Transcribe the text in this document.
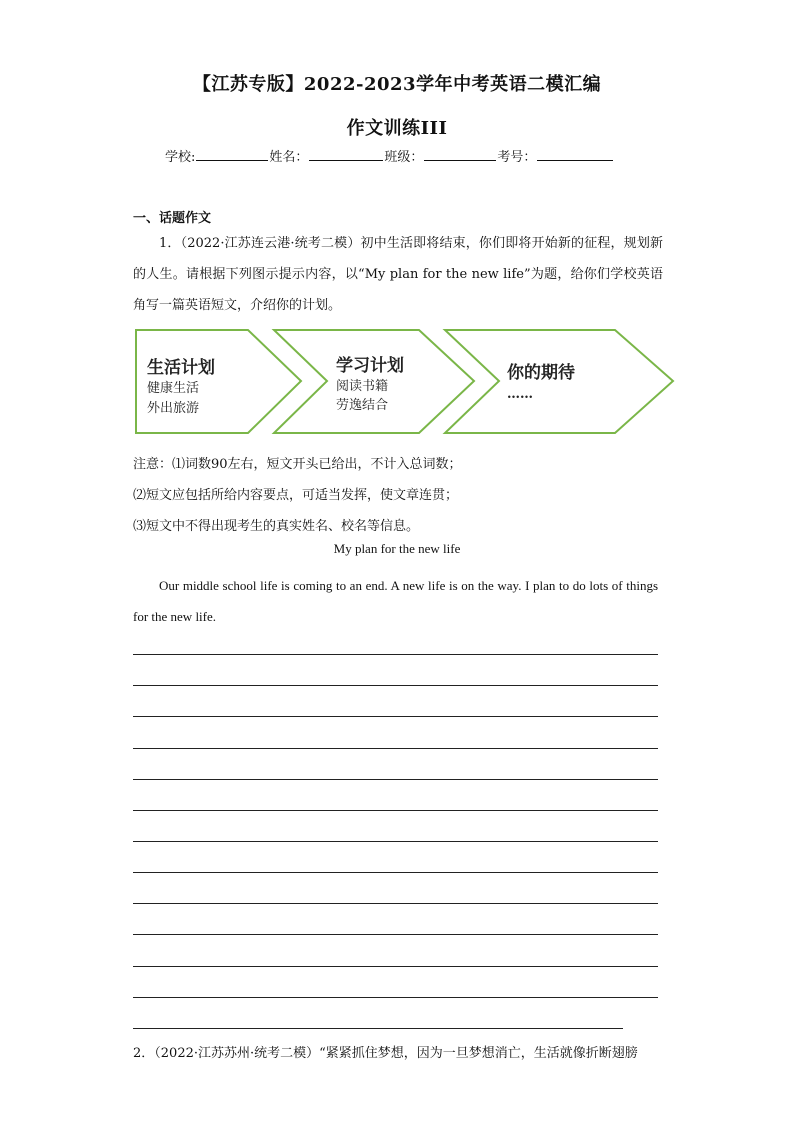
【江苏专版】2022-2023学年中考英语二模汇编
作文训练III
学校:	姓名：	班级：	考号：
一、话题作文
1．（2022·江苏连云港·统考二模）初中生活即将结束，你们即将开始新的征程，规划新的人生。请根据下列图示提示内容，以“My plan for the new life”为题，给你们学校英语角写一篇英语短文，介绍你的计划。
生活计划
健康生活
外出旅游
学习计划
阅读书籍
劳逸结合
你的期待
……
注意：⑴词数90左右，短文开头已给出，不计入总词数；
⑵短文应包括所给内容要点，可适当发挥，使文章连贯；
⑶短文中不得出现考生的真实姓名、校名等信息。
My plan for the new life
Our middle school life is coming to an end. A new life is on the way. I plan to do lots of things for the new life.
2．（2022·江苏苏州·统考二模）“紧紧抓住梦想，因为一旦梦想消亡，生活就像折断翅膀
